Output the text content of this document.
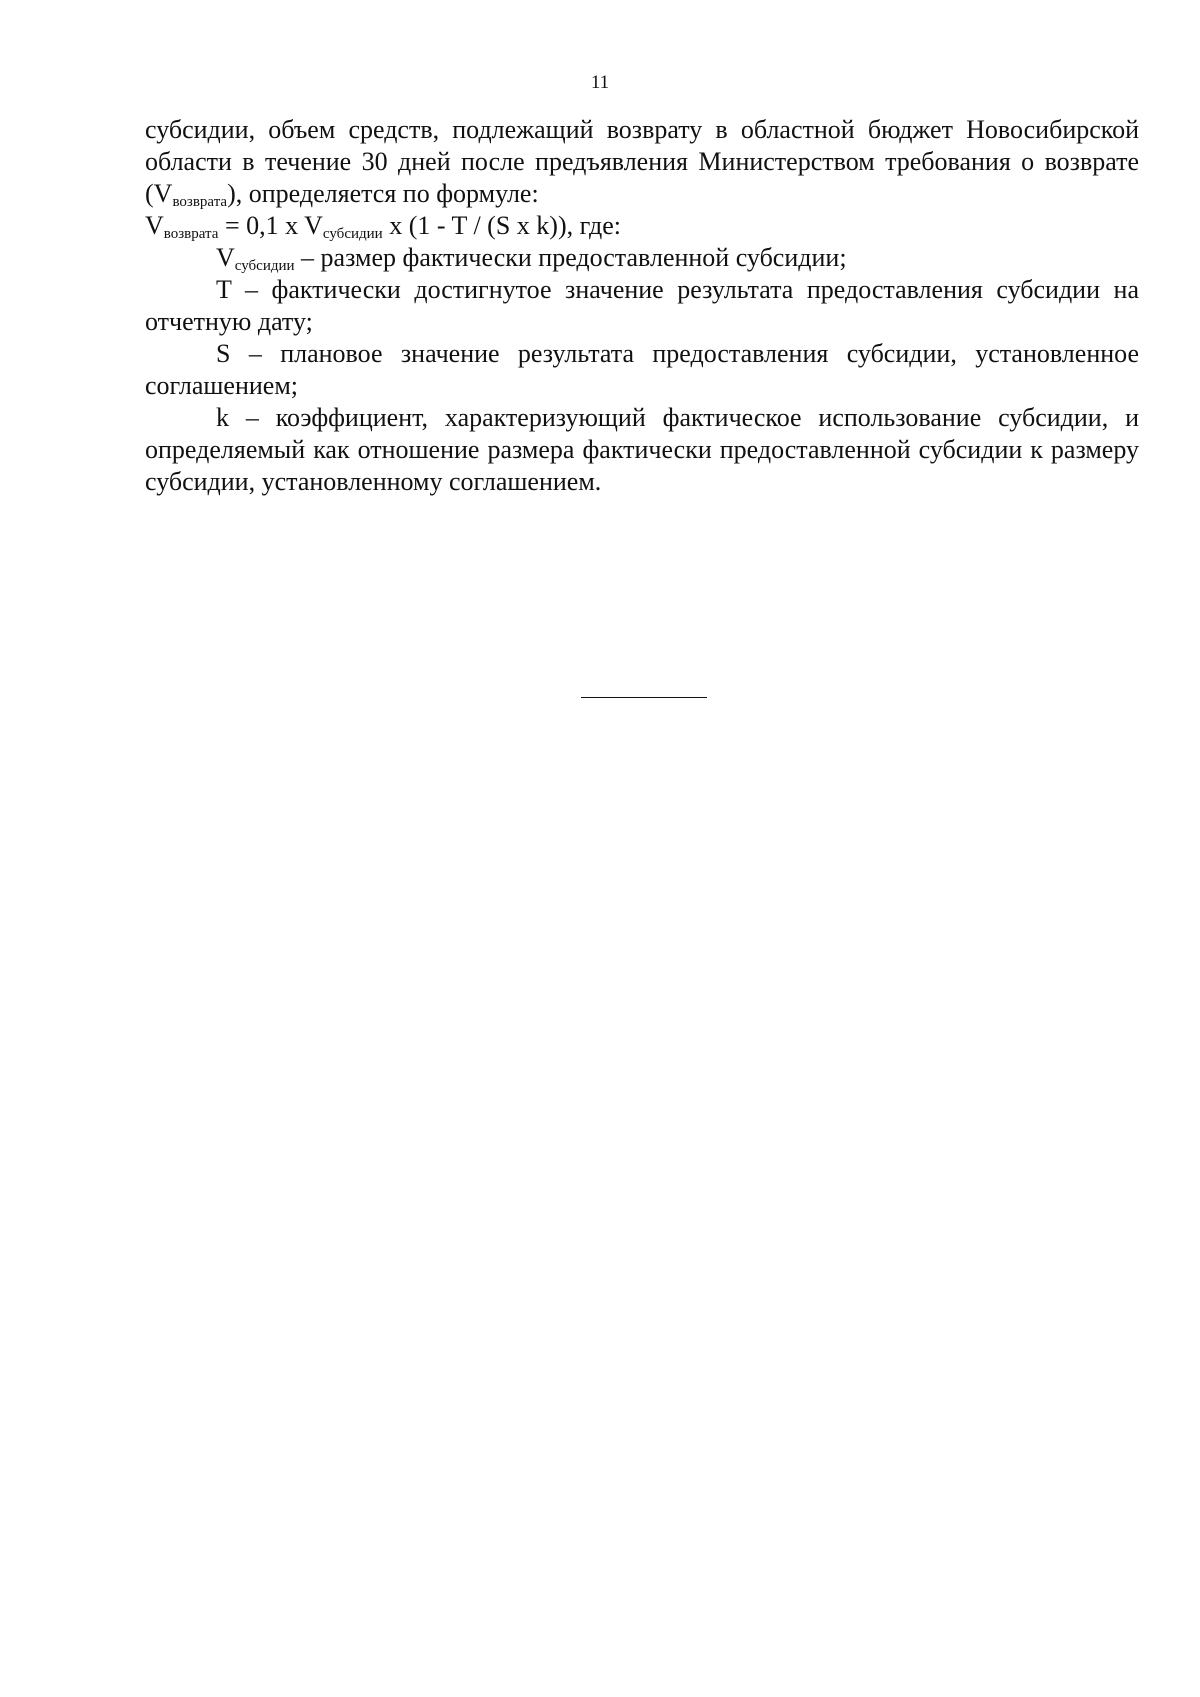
11

субсидии, объем средств, подлежащий возврату в областной бюджет Новосибирской области в течение 30 дней после предъявления Министерством требования о возврате $(V_{возврата})$, определяется по формуле:

$V_{возврата} = 0,1$ x $V_{субсидии}$ x (1 - T / (S x k)), где:

$V_{субсидии}$ – размер фактически предоставленной субсидии;

T – фактически достигнутое значение результата предоставления субсидии на отчетную дату;

S – плановое значение результата предоставления субсидии, установленное соглашением;

k – коэффициент, характеризующий фактическое использование субсидии, и определяемый как отношение размера фактически предоставленной субсидии к размеру субсидии, установленному соглашением.
